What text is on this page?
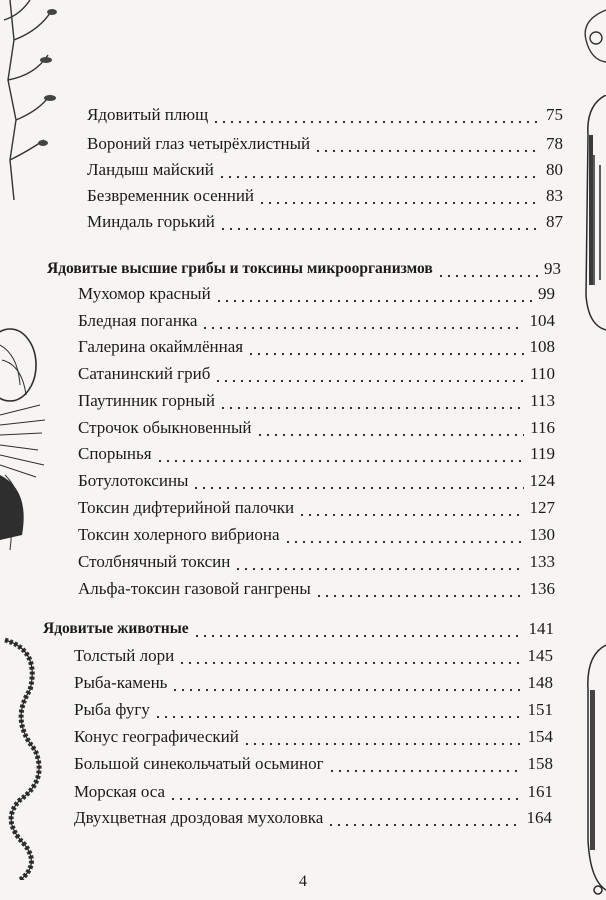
Ядовитый плющ	75
Вороний глаз четырёхлистный	78
Ландыш майский	80
Безвременник осенний	83
Миндаль горький	87
Ядовитые высшие грибы и токсины микроорганизмов	93
Мухомор красный	99
Бледная поганка	104
Галерина окаймлённая	108
Сатанинский гриб	110
Паутинник горный	113
Строчок обыкновенный	116
Спорынья	119
Ботулотоксины	124
Токсин дифтерийной палочки	127
Токсин холерного вибриона	130
Столбнячный токсин	133
Альфа-токсин газовой гангрены	136
Ядовитые животные	141
Толстый лори	145
Рыба-камень	148
Рыба фугу	151
Конус географический	154
Большой синекольчатый осьминог	158
Морская оса	161
Двухцветная дроздовая мухоловка	164
4
